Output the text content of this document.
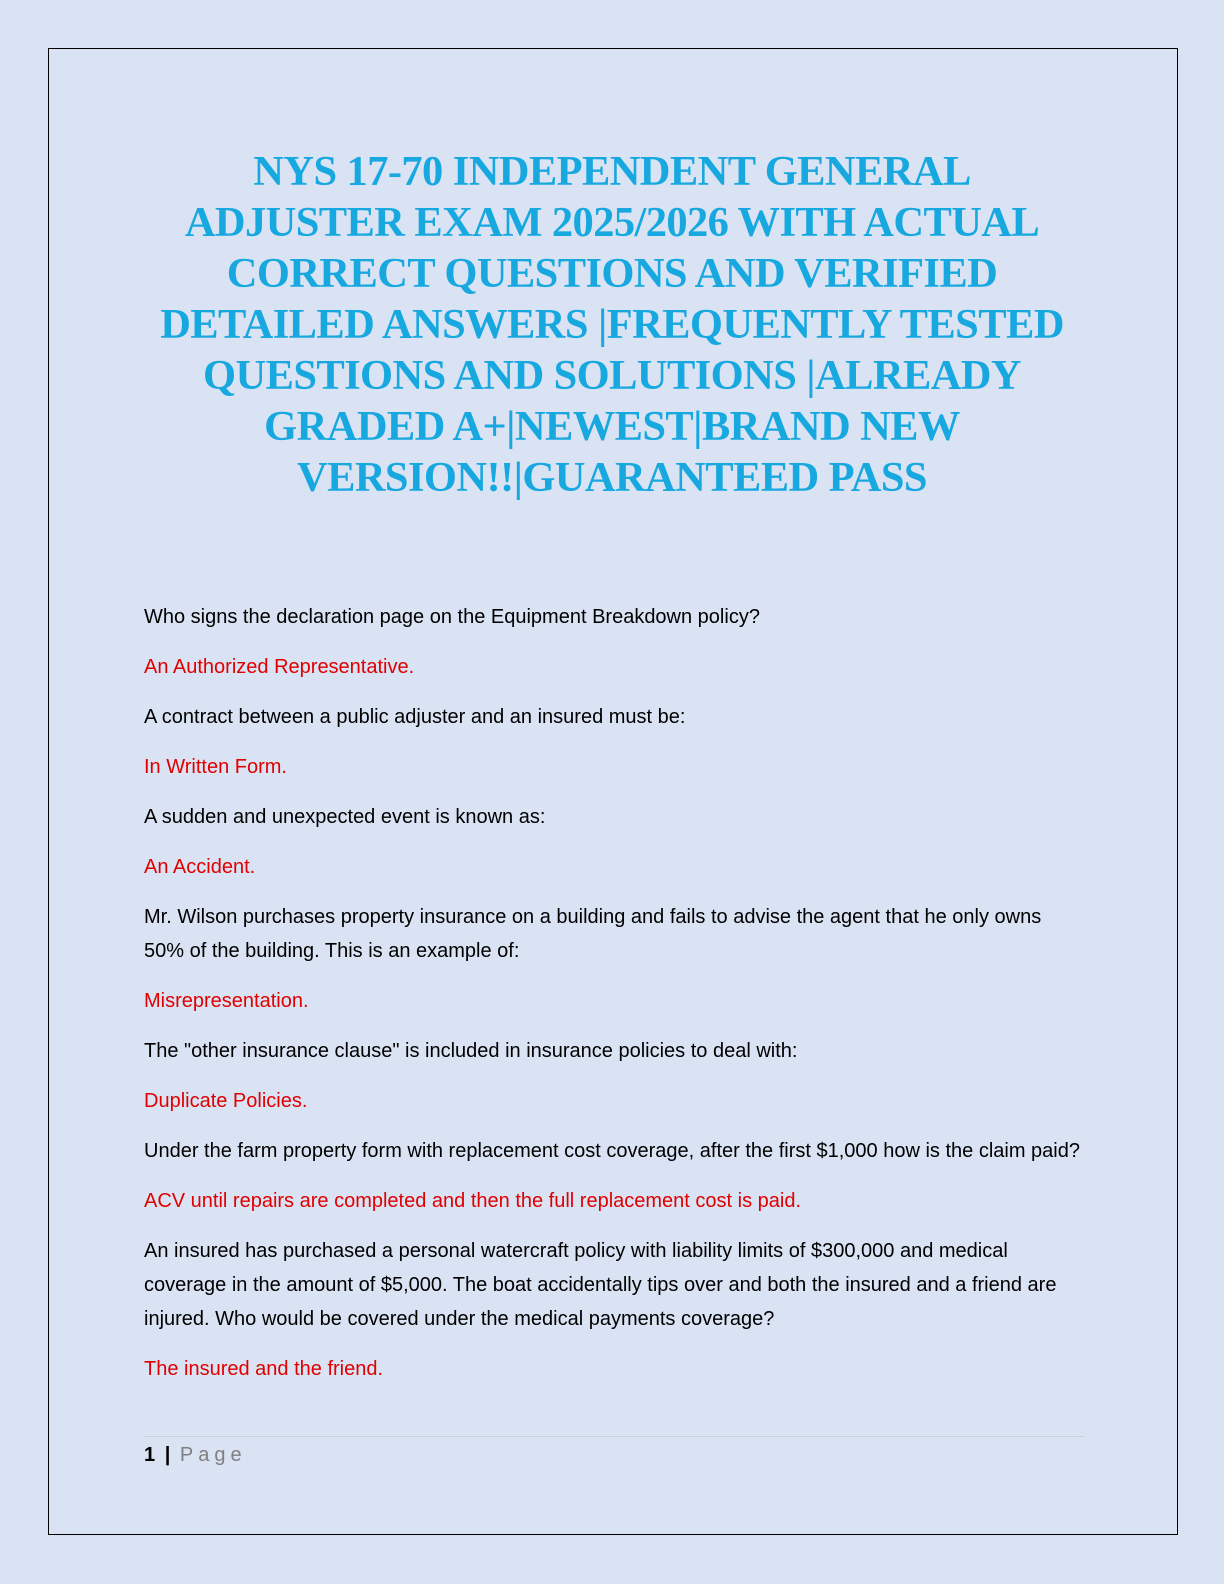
NYS 17-70 INDEPENDENT GENERAL
ADJUSTER EXAM 2025/2026 WITH ACTUAL
CORRECT QUESTIONS AND VERIFIED
DETAILED ANSWERS |FREQUENTLY TESTED
QUESTIONS AND SOLUTIONS |ALREADY
GRADED A+|NEWEST|BRAND NEW
VERSION!!|GUARANTEED PASS

Who signs the declaration page on the Equipment Breakdown policy?

An Authorized Representative.

A contract between a public adjuster and an insured must be:

In Written Form.

A sudden and unexpected event is known as:

An Accident.

Mr. Wilson purchases property insurance on a building and fails to advise the agent that he only owns 50% of the building. This is an example of:

Misrepresentation.

The "other insurance clause" is included in insurance policies to deal with:

Duplicate Policies.

Under the farm property form with replacement cost coverage, after the first $1,000 how is the claim paid?

ACV until repairs are completed and then the full replacement cost is paid.

An insured has purchased a personal watercraft policy with liability limits of $300,000 and medical coverage in the amount of $5,000. The boat accidentally tips over and both the insured and a friend are injured. Who would be covered under the medical payments coverage?

The insured and the friend.

1 | Page
